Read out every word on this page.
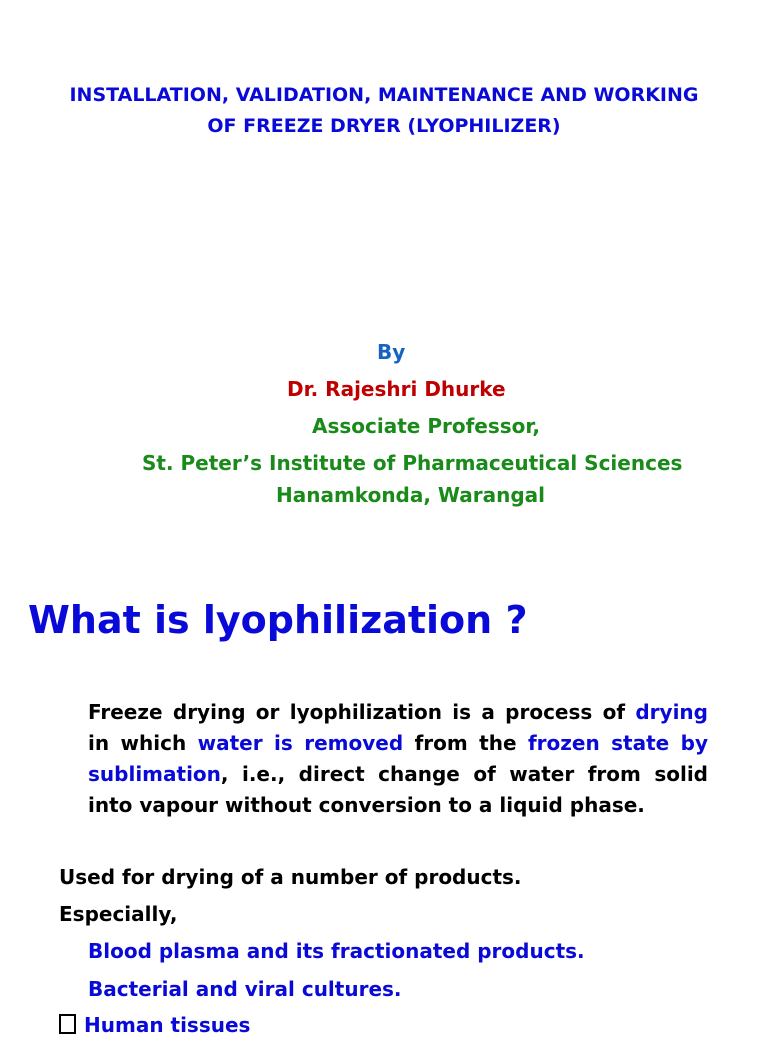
INSTALLATION, VALIDATION, MAINTENANCE AND WORKING
OF FREEZE DRYER (LYOPHILIZER)
By
Dr. Rajeshri Dhurke
Associate Professor,
St. Peter’s Institute of Pharmaceutical Sciences
Hanamkonda, Warangal
What is lyophilization ?
Freeze drying or lyophilization is a process of drying in which water is removed from the frozen state by sublimation, i.e., direct change of water from solid into vapour without conversion to a liquid phase.
Used for drying of a number of products.
Especially,
Blood plasma and its fractionated products.
Bacterial and viral cultures.
Human tissues
